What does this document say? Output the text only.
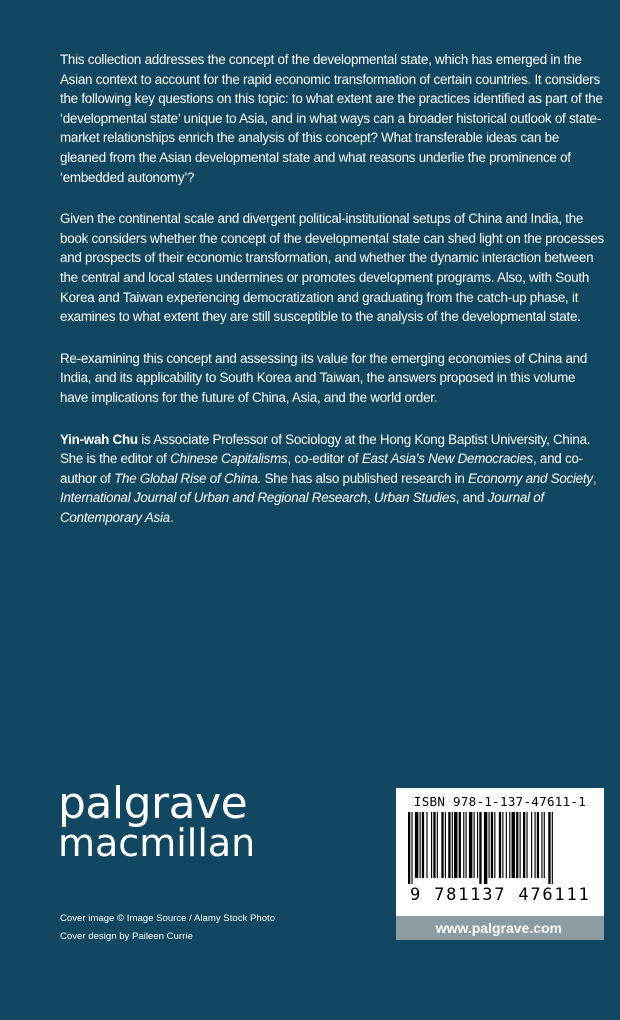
This collection addresses the concept of the developmental state, which has emerged in the Asian context to account for the rapid economic transformation of certain countries. It considers the following key questions on this topic: to what extent are the practices identified as part of the ‘developmental state’ unique to Asia, and in what ways can a broader historical outlook of state-market relationships enrich the analysis of this concept? What transferable ideas can be gleaned from the Asian developmental state and what reasons underlie the prominence of ‘embedded autonomy’?

Given the continental scale and divergent political-institutional setups of China and India, the book considers whether the concept of the developmental state can shed light on the processes and prospects of their economic transformation, and whether the dynamic interaction between the central and local states undermines or promotes development programs. Also, with South Korea and Taiwan experiencing democratization and graduating from the catch-up phase, it examines to what extent they are still susceptible to the analysis of the developmental state.

Re-examining this concept and assessing its value for the emerging economies of China and India, and its applicability to South Korea and Taiwan, the answers proposed in this volume have implications for the future of China, Asia, and the world order.

Yin-wah Chu is Associate Professor of Sociology at the Hong Kong Baptist University, China. She is the editor of Chinese Capitalisms, co-editor of East Asia’s New Democracies, and co-author of The Global Rise of China. She has also published research in Economy and Society, International Journal of Urban and Regional Research, Urban Studies, and Journal of Contemporary Asia.

palgrave
macmillan
Cover image © Image Source / Alamy Stock Photo
Cover design by Paileen Currie
ISBN 978-1-137-47611-1
9 781137 476111
www.palgrave.com
